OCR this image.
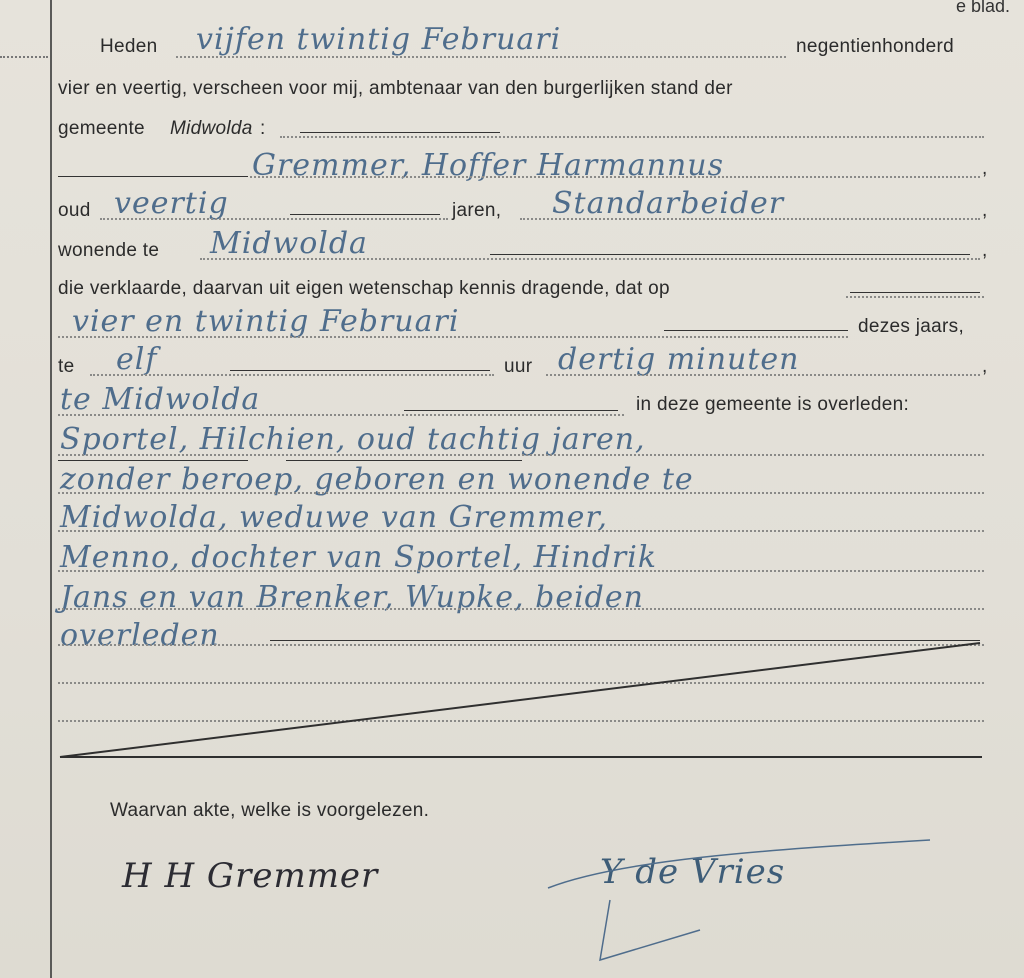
e blad.
Heden vijfen twintig Februari	negentienhonderd
vier en veertig, verscheen voor mij, ambtenaar van den burgerlijken stand der
gemeente Midwolda :
Gremmer, Hoffer Harmannus	,
oud veertig	jaren, Standarbeider	,
wonende te Midwolda	,
die verklaarde, daarvan uit eigen wetenschap kennis dragende, dat op
vier en twintig Februari	dezes jaars,
te elf	uur dertig minuten	,
te Midwolda	in deze gemeente is overleden:
Sportel, Hilchien, oud tachtig jaren,
zonder beroep, geboren en wonende te
Midwolda, weduwe van Gremmer,
Menno, dochter van Sportel, Hindrik
Jans en van Brenker, Wupke, beiden
overleden
Waarvan akte, welke is voorgelezen.
H H Gremmer	Y de Vries
